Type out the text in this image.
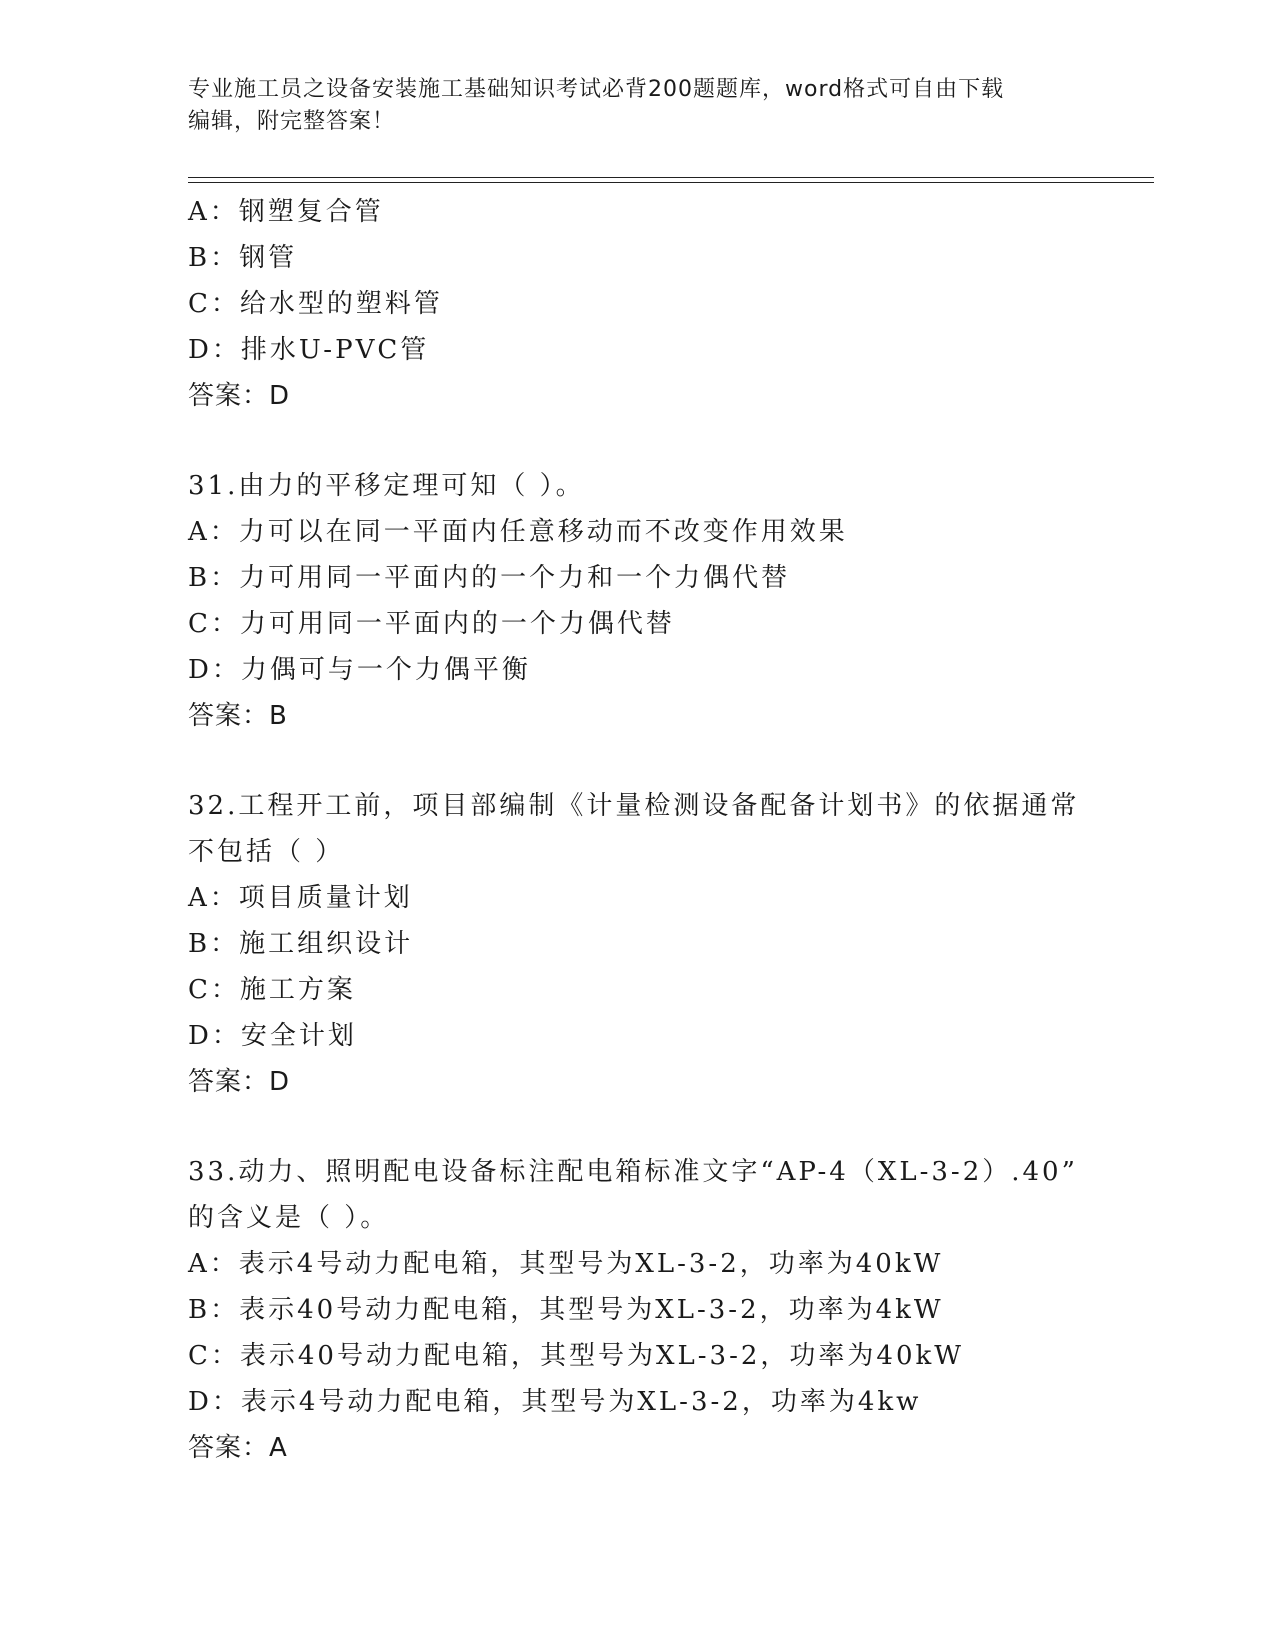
专业施工员之设备安装施工基础知识考试必背200题题库，word格式可自由下载
编辑，附完整答案！
A：钢塑复合管
B：钢管
C：给水型的塑料管
D：排水U-PVC管
答案：D
31.由力的平移定理可知（ ）。
A：力可以在同一平面内任意移动而不改变作用效果
B：力可用同一平面内的一个力和一个力偶代替
C：力可用同一平面内的一个力偶代替
D：力偶可与一个力偶平衡
答案：B
32.工程开工前，项目部编制《计量检测设备配备计划书》的依据通常
不包括（ ）
A：项目质量计划
B：施工组织设计
C：施工方案
D：安全计划
答案：D
33.动力、照明配电设备标注配电箱标准文字“AP-4（XL-3-2）.40”
的含义是（ ）。
A：表示4号动力配电箱，其型号为XL-3-2，功率为40kW
B：表示40号动力配电箱，其型号为XL-3-2，功率为4kW
C：表示40号动力配电箱，其型号为XL-3-2，功率为40kW
D：表示4号动力配电箱，其型号为XL-3-2，功率为4kw
答案：A
